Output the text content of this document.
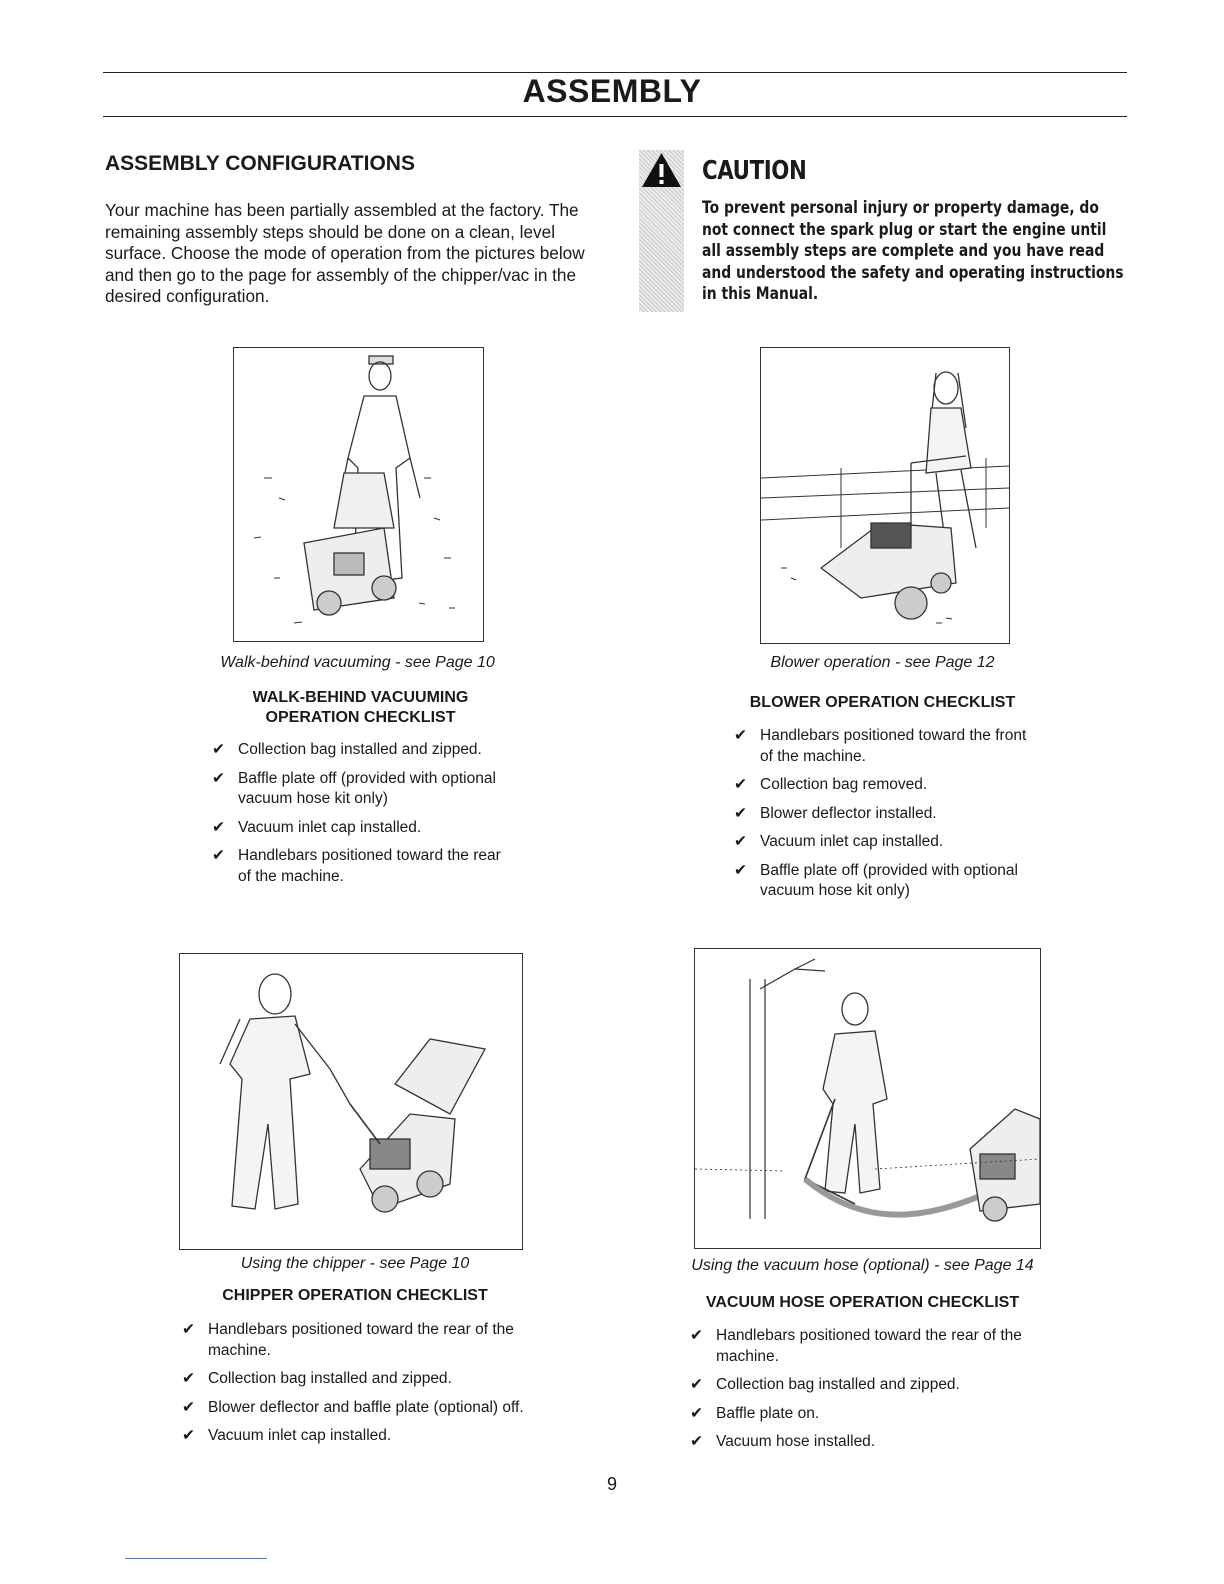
ASSEMBLY
ASSEMBLY CONFIGURATIONS
Your machine has been partially assembled at the factory. The remaining assembly steps should be done on a clean, level surface. Choose the mode of operation from the pictures below and then go to the page for assembly of the chipper/vac in the desired configuration.
CAUTION
To prevent personal injury or property damage, do not connect the spark plug or start the engine until all assembly steps are complete and you have read and understood the safety and operating instructions in this Manual.
Walk-behind vacuuming - see Page 10
WALK-BEHIND VACUUMING OPERATION CHECKLIST
✔ Collection bag installed and zipped.
✔ Baffle plate off (provided with optional vacuum hose kit only)
✔ Vacuum inlet cap installed.
✔ Handlebars positioned toward the rear of the machine.
Blower operation - see Page 12
BLOWER OPERATION CHECKLIST
✔ Handlebars positioned toward the front of the machine.
✔ Collection bag removed.
✔ Blower deflector installed.
✔ Vacuum inlet cap installed.
✔ Baffle plate off (provided with optional vacuum hose kit only)
Using the chipper - see Page 10
CHIPPER OPERATION CHECKLIST
✔ Handlebars positioned toward the rear of the machine.
✔ Collection bag installed and zipped.
✔ Blower deflector and baffle plate (optional) off.
✔ Vacuum inlet cap installed.
Using the vacuum hose (optional) - see Page 14
VACUUM HOSE OPERATION CHECKLIST
✔ Handlebars positioned toward the rear of the machine.
✔ Collection bag installed and zipped.
✔ Baffle plate on.
✔ Vacuum hose installed.
9
